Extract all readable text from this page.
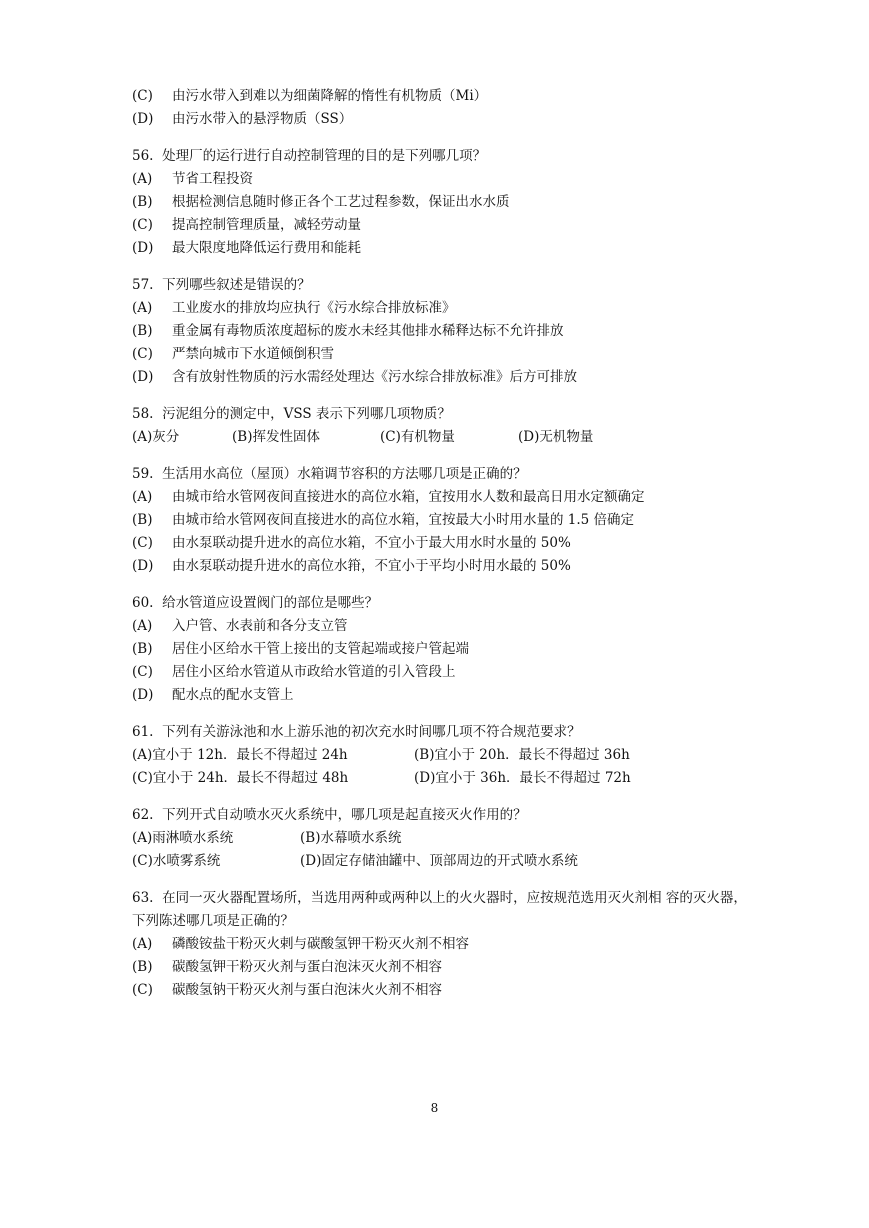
(C) 由污水带入到难以为细菌降解的惰性有机物质（Mi）
(D) 由污水带入的悬浮物质（SS）
56. 处理厂的运行进行自动控制管理的目的是下列哪几项？
(A) 节省工程投资
(B) 根据检测信息随时修正各个工艺过程参数，保证出水水质
(C) 提高控制管理质量，减轻劳动量
(D) 最大限度地降低运行费用和能耗
57. 下列哪些叙述是错误的？
(A) 工业废水的排放均应执行《污水综合排放标准》
(B) 重金属有毒物质浓度超标的废水未经其他排水稀释达标不允许排放
(C) 严禁向城市下水道倾倒积雪
(D) 含有放射性物质的污水需经处理达《污水综合排放标准》后方可排放
58. 污泥组分的测定中，VSS 表示下列哪几项物质？
(A)灰分	(B)挥发性固体	(C)有机物量	(D)无机物量
59. 生活用水高位（屋顶）水箱调节容积的方法哪几项是正确的？
(A) 由城市给水管网夜间直接进水的高位水箱，宜按用水人数和最高日用水定额确定
(B) 由城市给水管网夜间直接进水的高位水箱，宜按最大小时用水量的 1.5 倍确定
(C) 由水泵联动提升进水的高位水箱，不宜小于最大用水时水量的 50%
(D) 由水泵联动提升进水的高位水箝，不宜小于平均小时用水最的 50%
60. 给水管道应设置阀门的部位是哪些？
(A) 入户管、水表前和各分支立管
(B) 居住小区给水干管上接出的支管起端或接户管起端
(C) 居住小区给水管道从市政给水管道的引入管段上
(D) 配水点的配水支管上
61. 下列有关游泳池和水上游乐池的初次充水时间哪几项不符合规范要求？
(A)宜小于 12h．最长不得超过 24h	(B)宜小于 20h．最长不得超过 36h
(C)宜小于 24h．最长不得超过 48h	(D)宜小于 36h．最长不得超过 72h
62. 下列开式自动喷水灭火系统中，哪几项是起直接灭火作用的？
(A)雨淋喷水系统	(B)水幕喷水系统
(C)水喷雾系统	(D)固定存储油罐中、顶部周边的开式喷水系统
63. 在同一灭火器配置场所，当选用两种或两种以上的火火器时，应按规范选用灭火剂相 容的灭火器，下列陈述哪几项是正确的？
(A) 磷酸铵盐干粉灭火剌与碳酸氢钾干粉灭火剂不相容
(B) 碳酸氢钾干粉灭火剂与蛋白泡沫灭火剂不相容
(C) 碳酸氢钠干粉灭火剂与蛋白泡沫火火剂不相容
8
